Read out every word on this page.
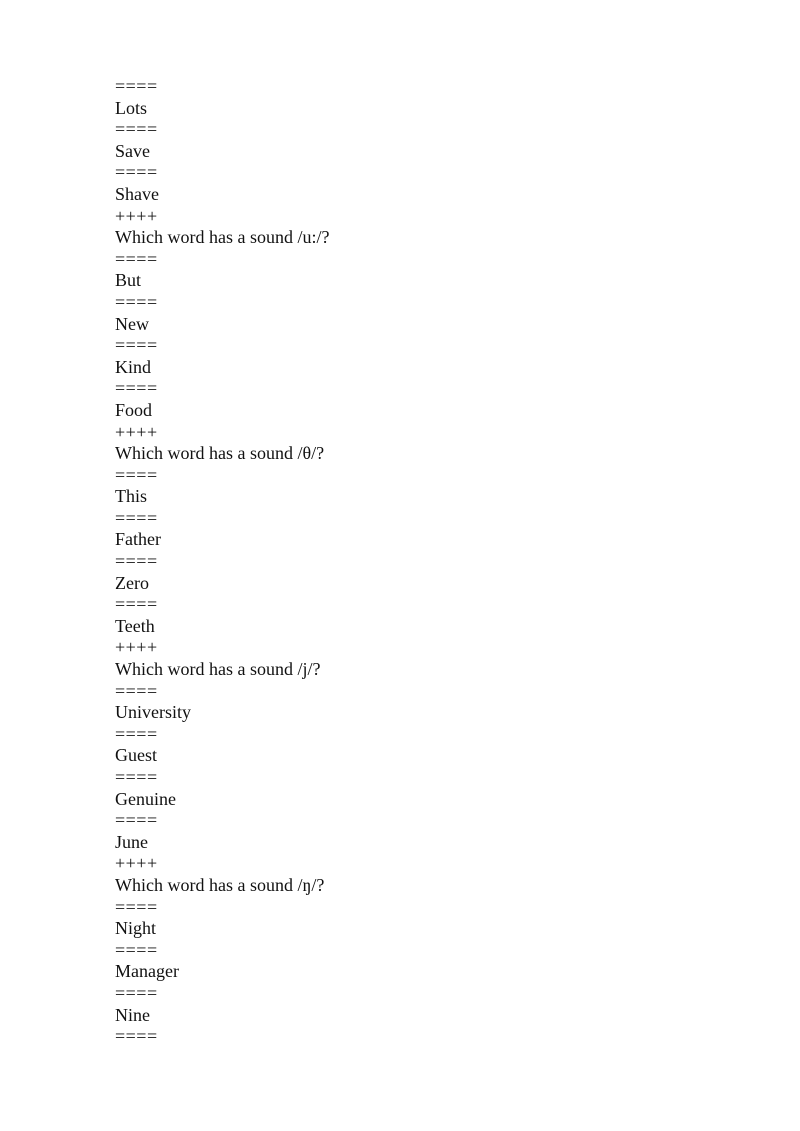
====
Lots
====
Save
====
Shave
++++
Which word has a sound /u:/?
====
But
====
New
====
Kind
====
Food
++++
Which word has a sound /θ/?
====
This
====
Father
====
Zero
====
Teeth
++++
Which word has a sound /j/?
====
University
====
Guest
====
Genuine
====
June
++++
Which word has a sound /ŋ/?
====
Night
====
Manager
====
Nine
====
